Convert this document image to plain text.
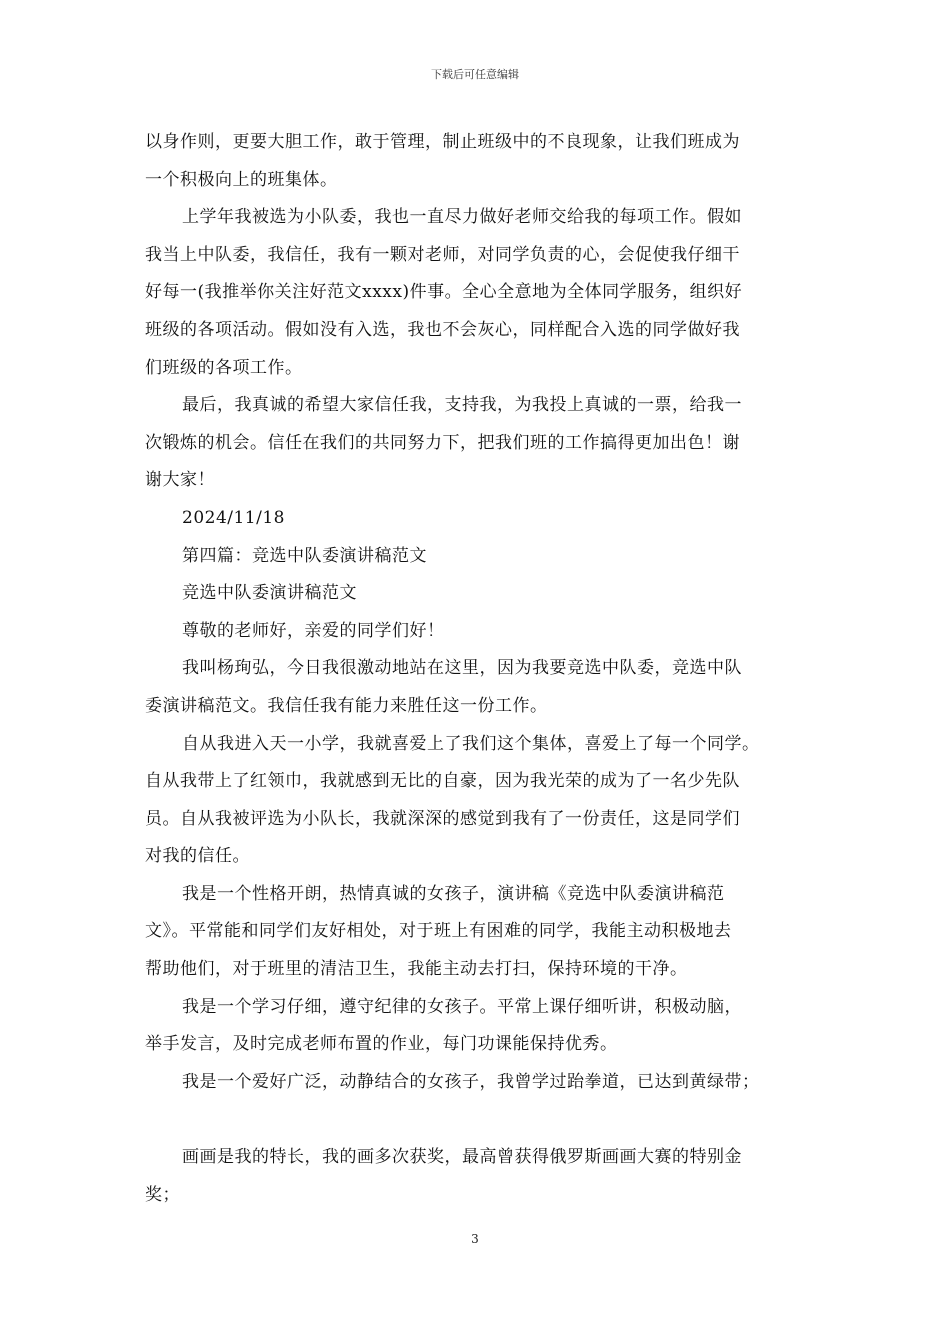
下载后可任意编辑
以身作则，更要大胆工作，敢于管理，制止班级中的不良现象，让我们班成为
一个积极向上的班集体。
上学年我被选为小队委，我也一直尽力做好老师交给我的每项工作。假如
我当上中队委，我信任，我有一颗对老师，对同学负责的心，会促使我仔细干
好每一(我推举你关注好范文xxxx)件事。全心全意地为全体同学服务，组织好
班级的各项活动。假如没有入选，我也不会灰心，同样配合入选的同学做好我
们班级的各项工作。
最后，我真诚的希望大家信任我，支持我，为我投上真诚的一票，给我一
次锻炼的机会。信任在我们的共同努力下，把我们班的工作搞得更加出色！谢
谢大家！
2024/11/18
第四篇：竞选中队委演讲稿范文
竞选中队委演讲稿范文
尊敬的老师好，亲爱的同学们好！
我叫杨珣弘，今日我很激动地站在这里，因为我要竞选中队委，竞选中队
委演讲稿范文。我信任我有能力来胜任这一份工作。
自从我进入天一小学，我就喜爱上了我们这个集体，喜爱上了每一个同学。
自从我带上了红领巾，我就感到无比的自豪，因为我光荣的成为了一名少先队
员。自从我被评选为小队长，我就深深的感觉到我有了一份责任，这是同学们
对我的信任。
我是一个性格开朗，热情真诚的女孩子，演讲稿《竞选中队委演讲稿范
文》。平常能和同学们友好相处，对于班上有困难的同学，我能主动积极地去
帮助他们，对于班里的清洁卫生，我能主动去打扫，保持环境的干净。
我是一个学习仔细，遵守纪律的女孩子。平常上课仔细听讲，积极动脑，
举手发言，及时完成老师布置的作业，每门功课能保持优秀。
我是一个爱好广泛，动静结合的女孩子，我曾学过跆拳道，已达到黄绿带；
画画是我的特长，我的画多次获奖，最高曾获得俄罗斯画画大赛的特别金
奖；
3
